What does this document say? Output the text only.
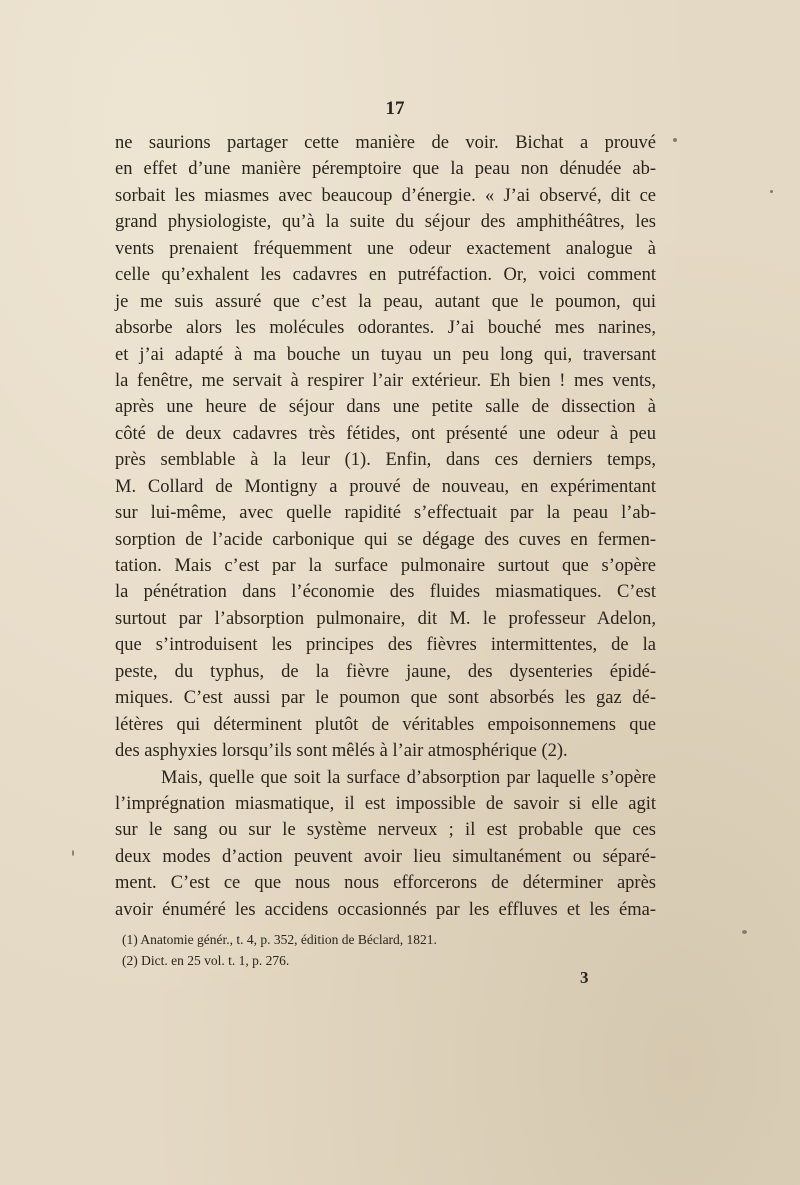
17
ne saurions partager cette manière de voir. Bichat a prouvé
en effet d’une manière péremptoire que la peau non dénudée ab-
sorbait les miasmes avec beaucoup d’énergie. « J’ai observé, dit ce
grand physiologiste, qu’à la suite du séjour des amphithéâtres, les
vents prenaient fréquemment une odeur exactement analogue à
celle qu’exhalent les cadavres en putréfaction. Or, voici comment
je me suis assuré que c’est la peau, autant que le poumon, qui
absorbe alors les molécules odorantes. J’ai bouché mes narines,
et j’ai adapté à ma bouche un tuyau un peu long qui, traversant
la fenêtre, me servait à respirer l’air extérieur. Eh bien ! mes vents,
après une heure de séjour dans une petite salle de dissection à
côté de deux cadavres très fétides, ont présenté une odeur à peu
près semblable à la leur (1). Enfin, dans ces derniers temps,
M. Collard de Montigny a prouvé de nouveau, en expérimentant
sur lui-même, avec quelle rapidité s’effectuait par la peau l’ab-
sorption de l’acide carbonique qui se dégage des cuves en fermen-
tation. Mais c’est par la surface pulmonaire surtout que s’opère
la pénétration dans l’économie des fluides miasmatiques. C’est
surtout par l’absorption pulmonaire, dit M. le professeur Adelon,
que s’introduisent les principes des fièvres intermittentes, de la
peste, du typhus, de la fièvre jaune, des dysenteries épidé-
miques. C’est aussi par le poumon que sont absorbés les gaz dé-
létères qui déterminent plutôt de véritables empoisonnemens que
des asphyxies lorsqu’ils sont mêlés à l’air atmosphérique (2).
Mais, quelle que soit la surface d’absorption par laquelle s’opère
l’imprégnation miasmatique, il est impossible de savoir si elle agit
sur le sang ou sur le système nerveux ; il est probable que ces
deux modes d’action peuvent avoir lieu simultanément ou séparé-
ment. C’est ce que nous nous efforcerons de déterminer après
avoir énuméré les accidens occasionnés par les effluves et les éma-
(1) Anatomie génér., t. 4, p. 352, édition de Béclard, 1821.
(2) Dict. en 25 vol. t. 1, p. 276.
3
